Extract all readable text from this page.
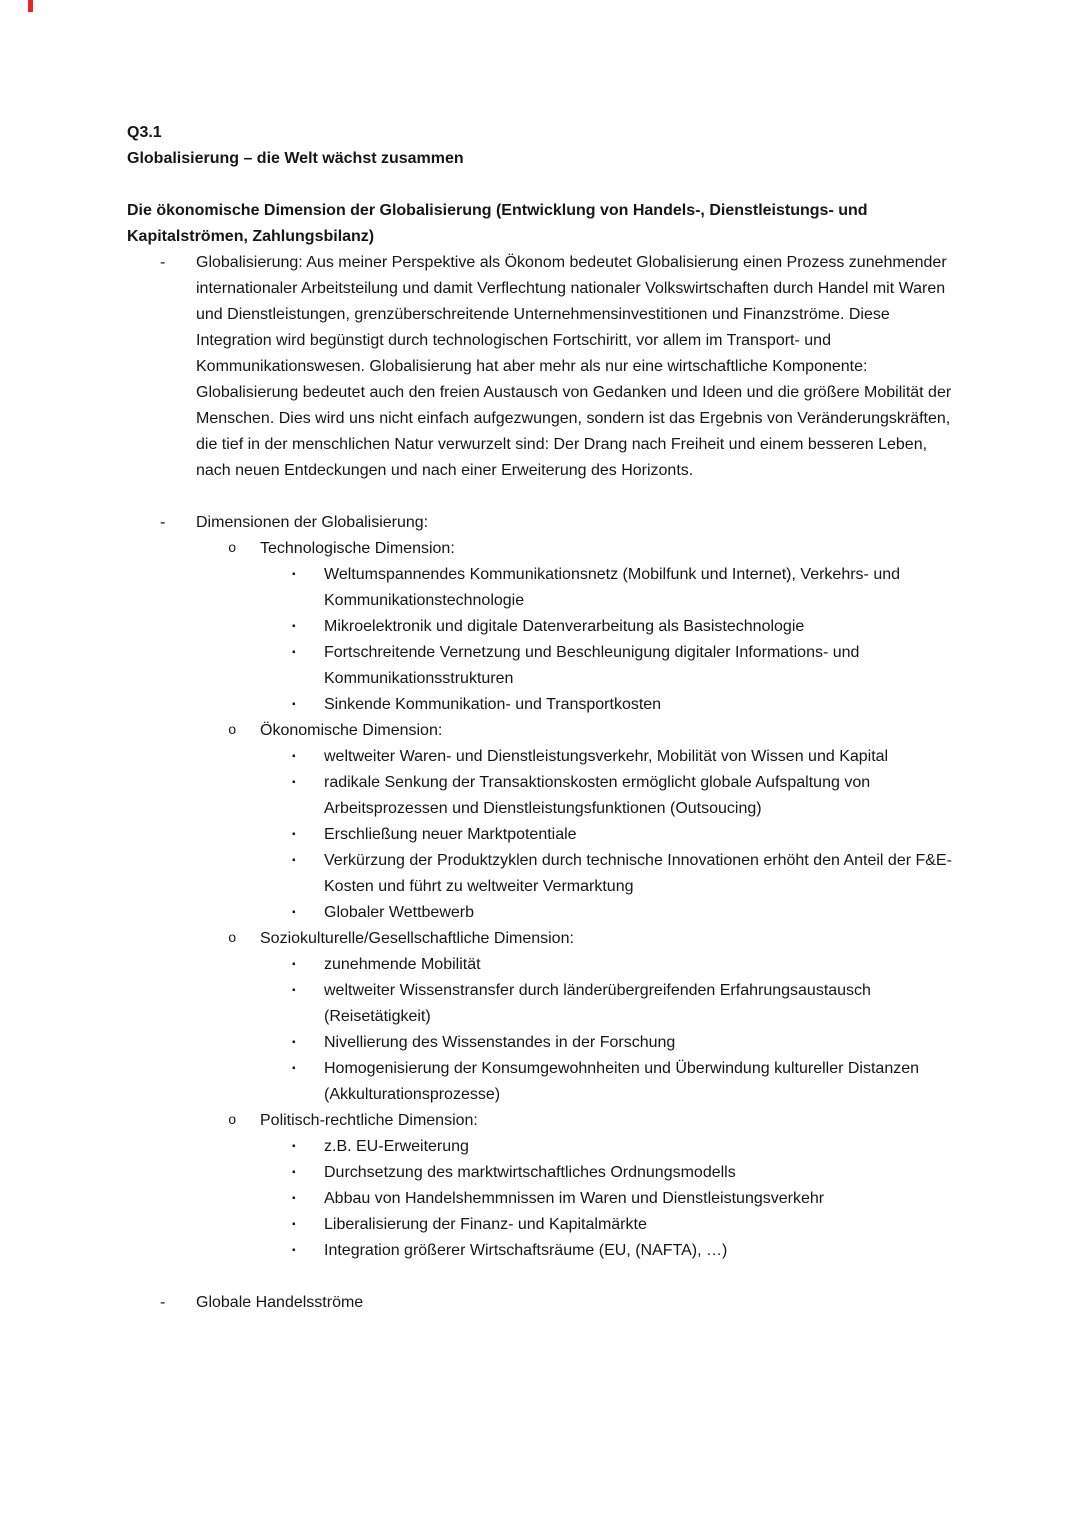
Q3.1

Globalisierung – die Welt wächst zusammen

Die ökonomische Dimension der Globalisierung (Entwicklung von Handels-, Dienstleistungs- und Kapitalströmen, Zahlungsbilanz)

-	Globalisierung: Aus meiner Perspektive als Ökonom bedeutet Globalisierung einen Prozess zunehmender internationaler Arbeitsteilung und damit Verflechtung nationaler Volkswirtschaften durch Handel mit Waren und Dienstleistungen, grenzüberschreitende Unternehmensinvestitionen und Finanzströme. Diese Integration wird begünstigt durch technologischen Fortschiritt, vor allem im Transport- und Kommunikationswesen. Globalisierung hat aber mehr als nur eine wirtschaftliche Komponente: Globalisierung bedeutet auch den freien Austausch von Gedanken und Ideen und die größere Mobilität der Menschen. Dies wird uns nicht einfach aufgezwungen, sondern ist das Ergebnis von Veränderungskräften, die tief in der menschlichen Natur verwurzelt sind: Der Drang nach Freiheit und einem besseren Leben, nach neuen Entdeckungen und nach einer Erweiterung des Horizonts.
-	Dimensionen der Globalisierung:
o	Technologische Dimension:
▪	Weltumspannendes Kommunikationsnetz (Mobilfunk und Internet), Verkehrs- und Kommunikationstechnologie
▪	Mikroelektronik und digitale Datenverarbeitung als Basistechnologie
▪	Fortschreitende Vernetzung und Beschleunigung digitaler Informations- und Kommunikationsstrukturen
▪	Sinkende Kommunikation- und Transportkosten
o	Ökonomische Dimension:
▪	weltweiter Waren- und Dienstleistungsverkehr, Mobilität von Wissen und Kapital
▪	radikale Senkung der Transaktionskosten ermöglicht globale Aufspaltung von Arbeitsprozessen und Dienstleistungsfunktionen (Outsoucing)
▪	Erschließung neuer Marktpotentiale
▪	Verkürzung der Produktzyklen durch technische Innovationen erhöht den Anteil der F&E-Kosten und führt zu weltweiter Vermarktung
▪	Globaler Wettbewerb
o	Soziokulturelle/Gesellschaftliche Dimension:
▪	zunehmende Mobilität
▪	weltweiter Wissenstransfer durch länderübergreifenden Erfahrungsaustausch (Reisetätigkeit)
▪	Nivellierung des Wissenstandes in der Forschung
▪	Homogenisierung der Konsumgewohnheiten und Überwindung kultureller Distanzen (Akkulturationsprozesse)
o	Politisch-rechtliche Dimension:
▪	z.B. EU-Erweiterung
▪	Durchsetzung des marktwirtschaftliches Ordnungsmodells
▪	Abbau von Handelshemmnissen im Waren und Dienstleistungsverkehr
▪	Liberalisierung der Finanz- und Kapitalmärkte
▪	Integration größerer Wirtschaftsräume (EU, (NAFTA), …)
-	Globale Handelsströme
